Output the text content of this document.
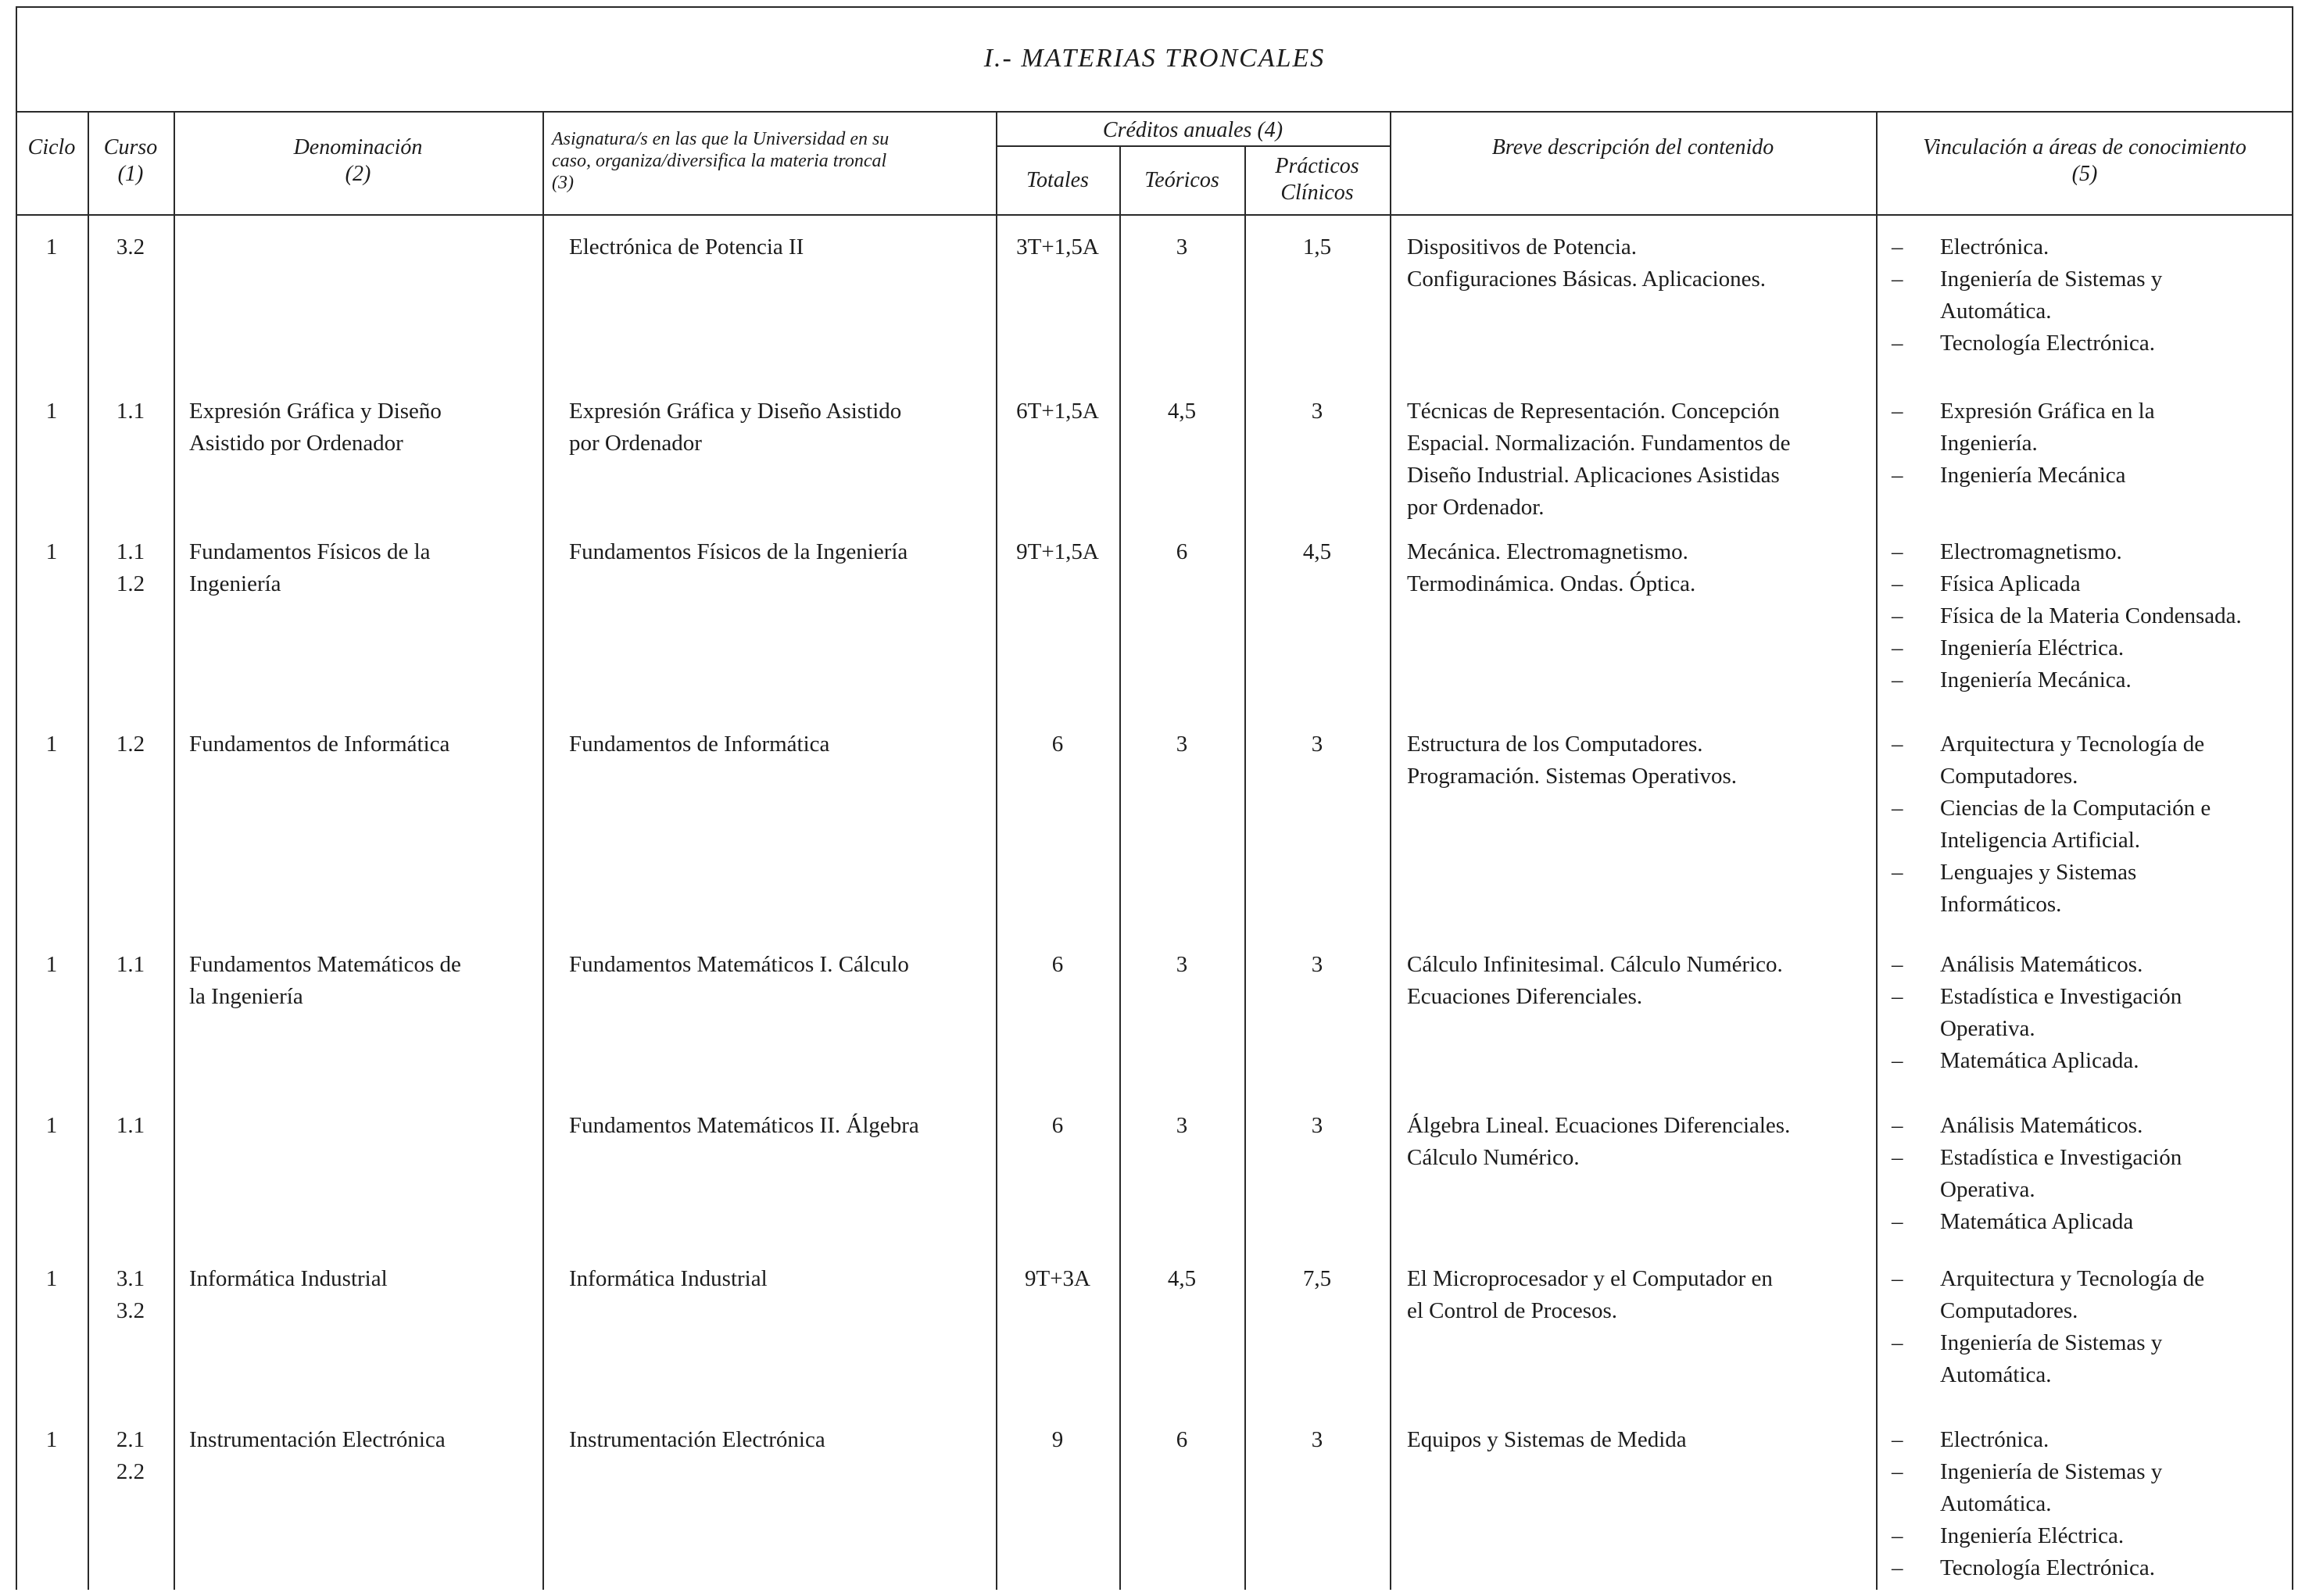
I.- MATERIAS TRONCALES
Ciclo	Curso
(1)
Denominación
(2)
Asignatura/s en las que la Universidad en su
caso, organiza/diversifica la materia troncal
(3)
Créditos anuales (4)
Totales	Teóricos
Prácticos
Clínicos
Breve descripción del contenido	Vinculación a áreas de conocimiento
(5)
1	3.2	Electrónica de Potencia II	3T+1,5A	3	1,5	Dispositivos de Potencia.
Configuraciones Básicas. Aplicaciones.
– Electrónica.
– Ingeniería de Sistemas y
Automática.
– Tecnología Electrónica.
1	1.1	Expresión Gráfica y Diseño
Asistido por Ordenador
Expresión Gráfica y Diseño Asistido
por Ordenador
6T+1,5A	4,5	3	Técnicas de Representación. Concepción
Espacial. Normalización. Fundamentos de
Diseño Industrial. Aplicaciones Asistidas
por Ordenador.
– Expresión Gráfica en la
Ingeniería.
– Ingeniería Mecánica
1	1.1
1.2
Fundamentos Físicos de la
Ingeniería
Fundamentos Físicos de la Ingeniería	9T+1,5A	6	4,5	Mecánica. Electromagnetismo.
Termodinámica. Ondas. Óptica.
– Electromagnetismo.
– Física Aplicada
– Física de la Materia Condensada.
– Ingeniería Eléctrica.
– Ingeniería Mecánica.
1	1.2	Fundamentos de Informática	Fundamentos de Informática	6	3	3	Estructura de los Computadores.
Programación. Sistemas Operativos.
– Arquitectura y Tecnología de
Computadores.
– Ciencias de la Computación e
Inteligencia Artificial.
– Lenguajes y Sistemas
Informáticos.
1	1.1	Fundamentos Matemáticos de
la Ingeniería
Fundamentos Matemáticos I. Cálculo	6	3	3	Cálculo Infinitesimal. Cálculo Numérico.
Ecuaciones Diferenciales.
– Análisis Matemáticos.
– Estadística e Investigación
Operativa.
– Matemática Aplicada.
1	1.1	Fundamentos Matemáticos II. Álgebra	6	3	3	Álgebra Lineal. Ecuaciones Diferenciales.
Cálculo Numérico.
– Análisis Matemáticos.
– Estadística e Investigación
Operativa.
– Matemática Aplicada
1	3.1
3.2
Informática Industrial	Informática Industrial	9T+3A	4,5	7,5	El Microprocesador y el Computador en
el Control de Procesos.
– Arquitectura y Tecnología de
Computadores.
– Ingeniería de Sistemas y
Automática.
1	2.1
2.2
Instrumentación Electrónica	Instrumentación Electrónica	9	6	3	Equipos y Sistemas de Medida
–	Electrónica.
– Ingeniería de Sistemas y
Automática.
– Ingeniería Eléctrica.
– Tecnología Electrónica.
